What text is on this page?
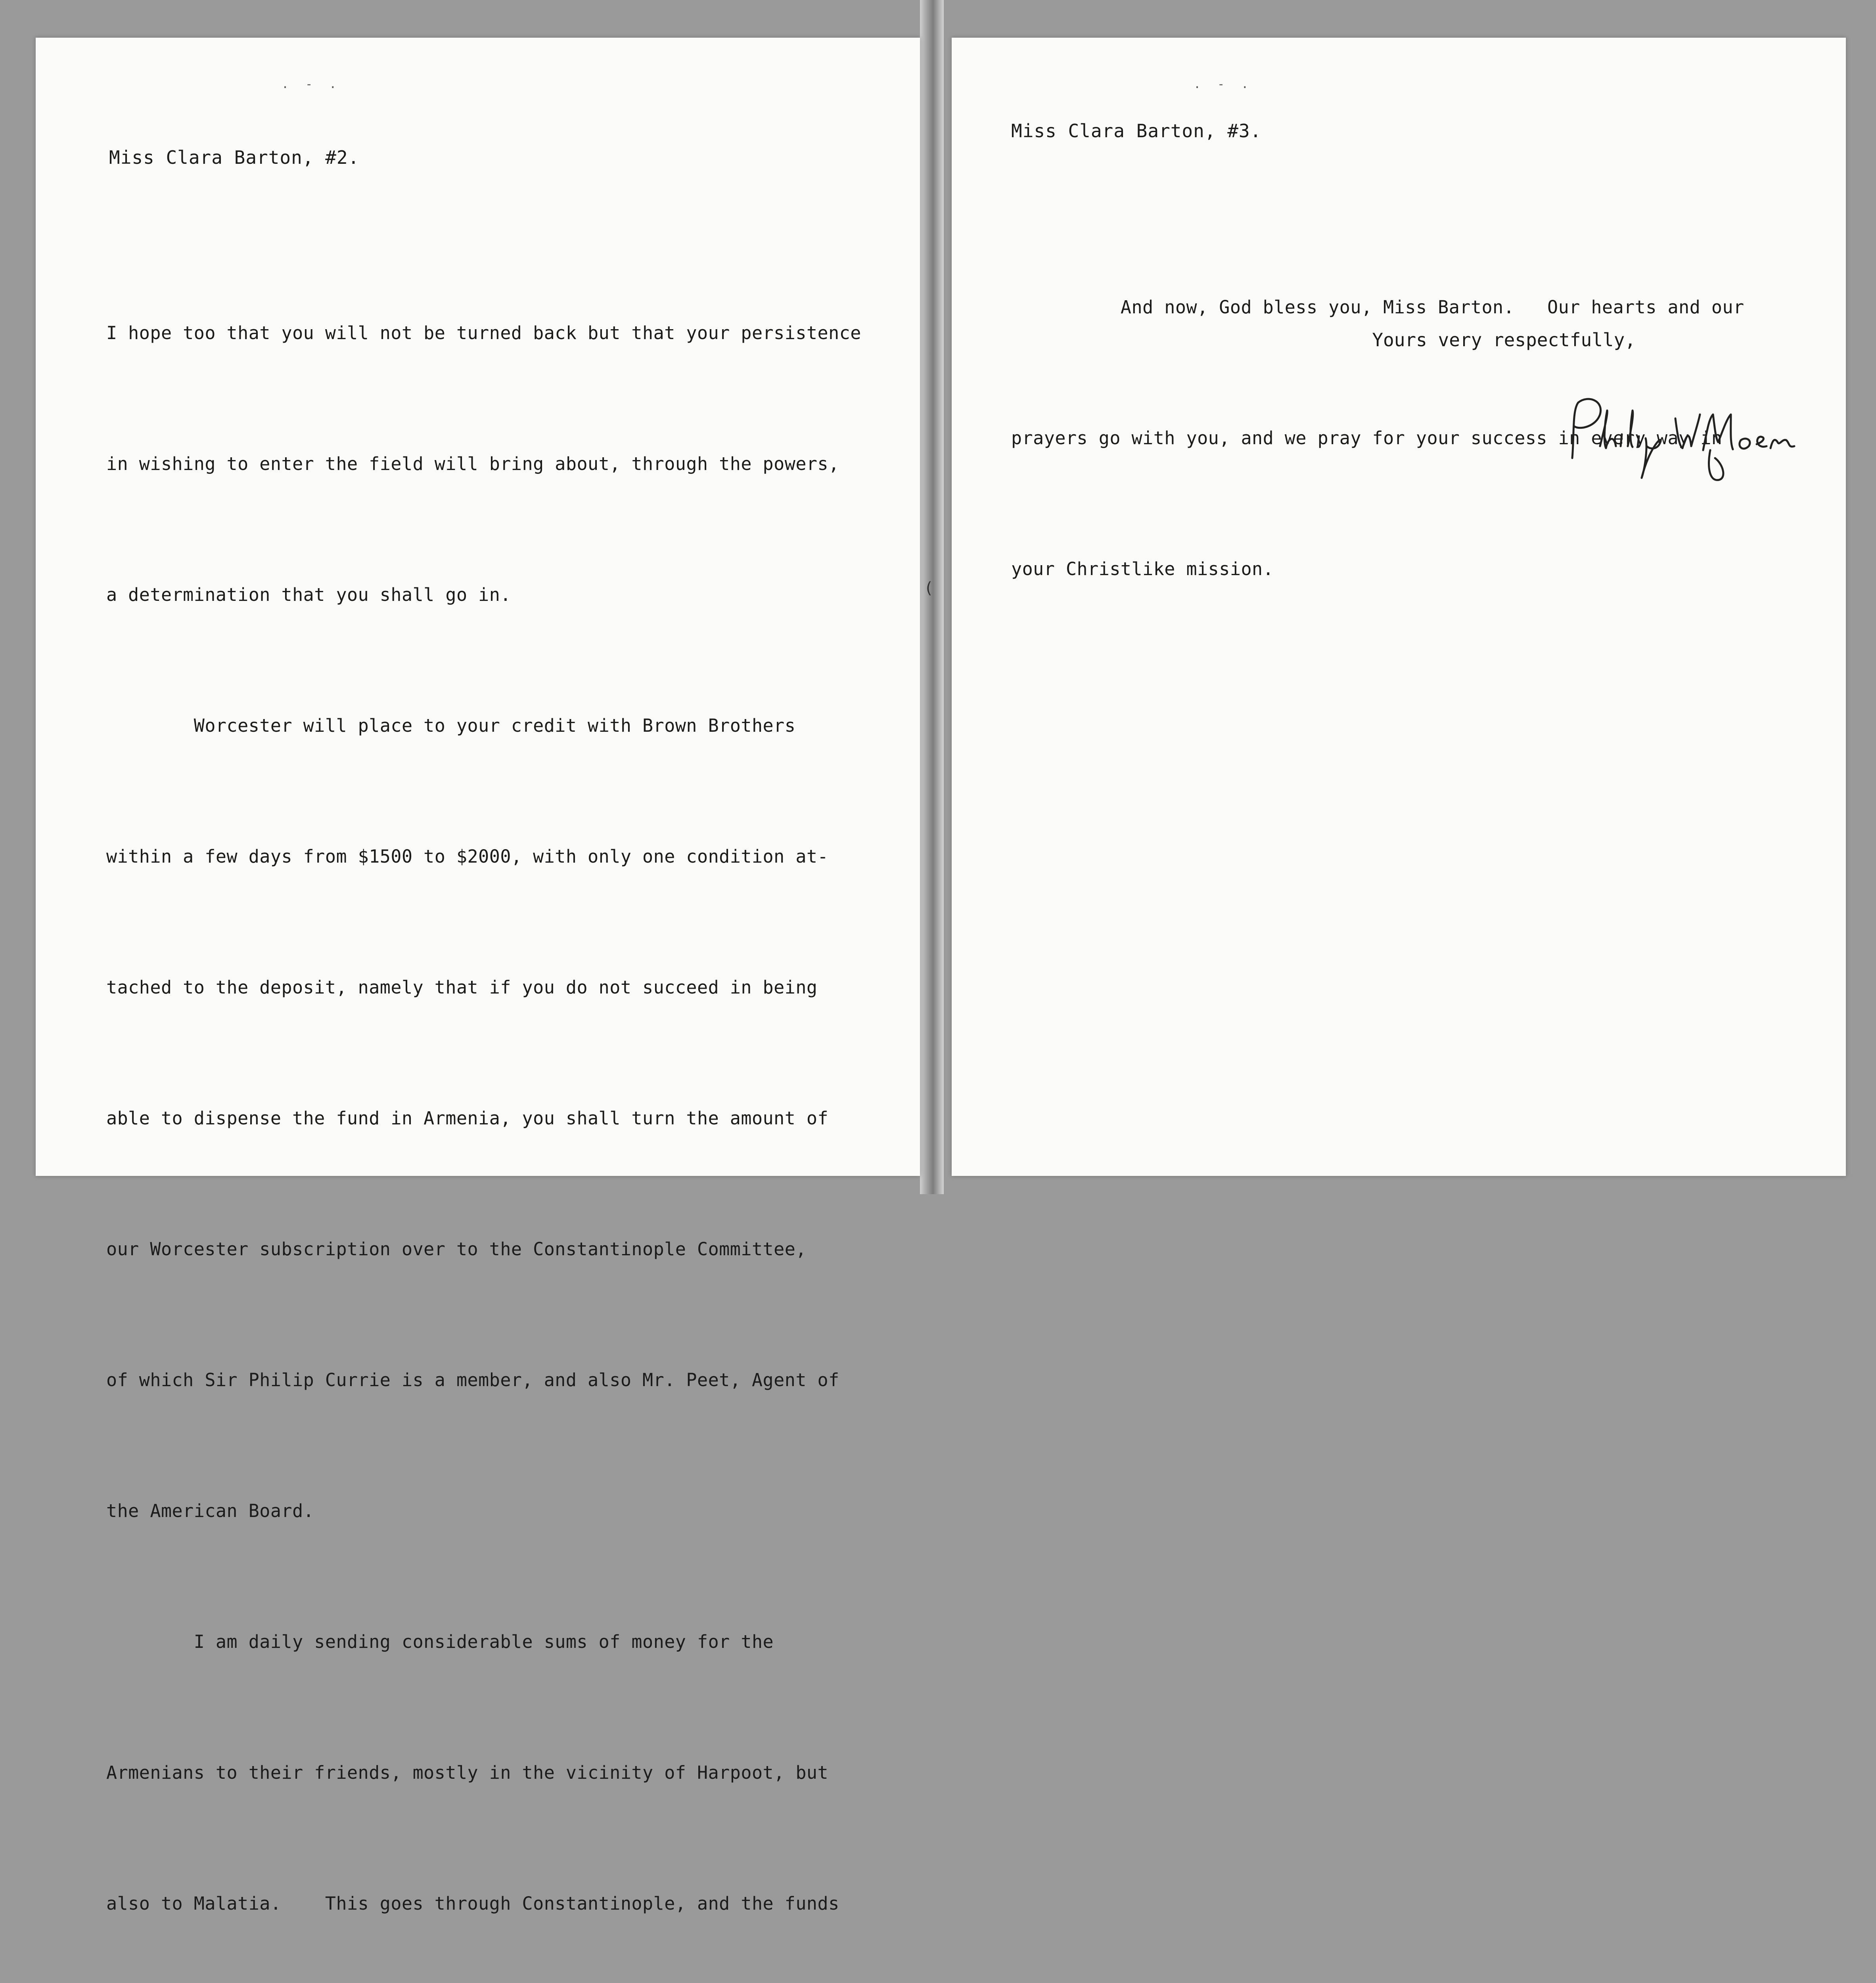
. - .
Miss Clara Barton, #2.

I hope too that you will not be turned back but that your persistence

in wishing to enter the field will bring about, through the powers,

a determination that you shall go in.

Worcester will place to your credit with Brown Brothers

within a few days from $1500 to $2000, with only one condition at-

tached to the deposit, namely that if you do not succeed in being

able to dispense the fund in Armenia, you shall turn the amount of

our Worcester subscription over to the Constantinople Committee,

of which Sir Philip Currie is a member, and also Mr. Peet, Agent of

the American Board.

I am daily sending considerable sums of money for the

Armenians to their friends, mostly in the vicinity of Harpoot, but

also to Malatia.    This goes through Constantinople, and the funds

(
. - .
Miss Clara Barton, #3.

And now, God bless you, Miss Barton.   Our hearts and our

prayers go with you, and we pray for your success in every way in

your Christlike mission.

Yours very respectfully,
